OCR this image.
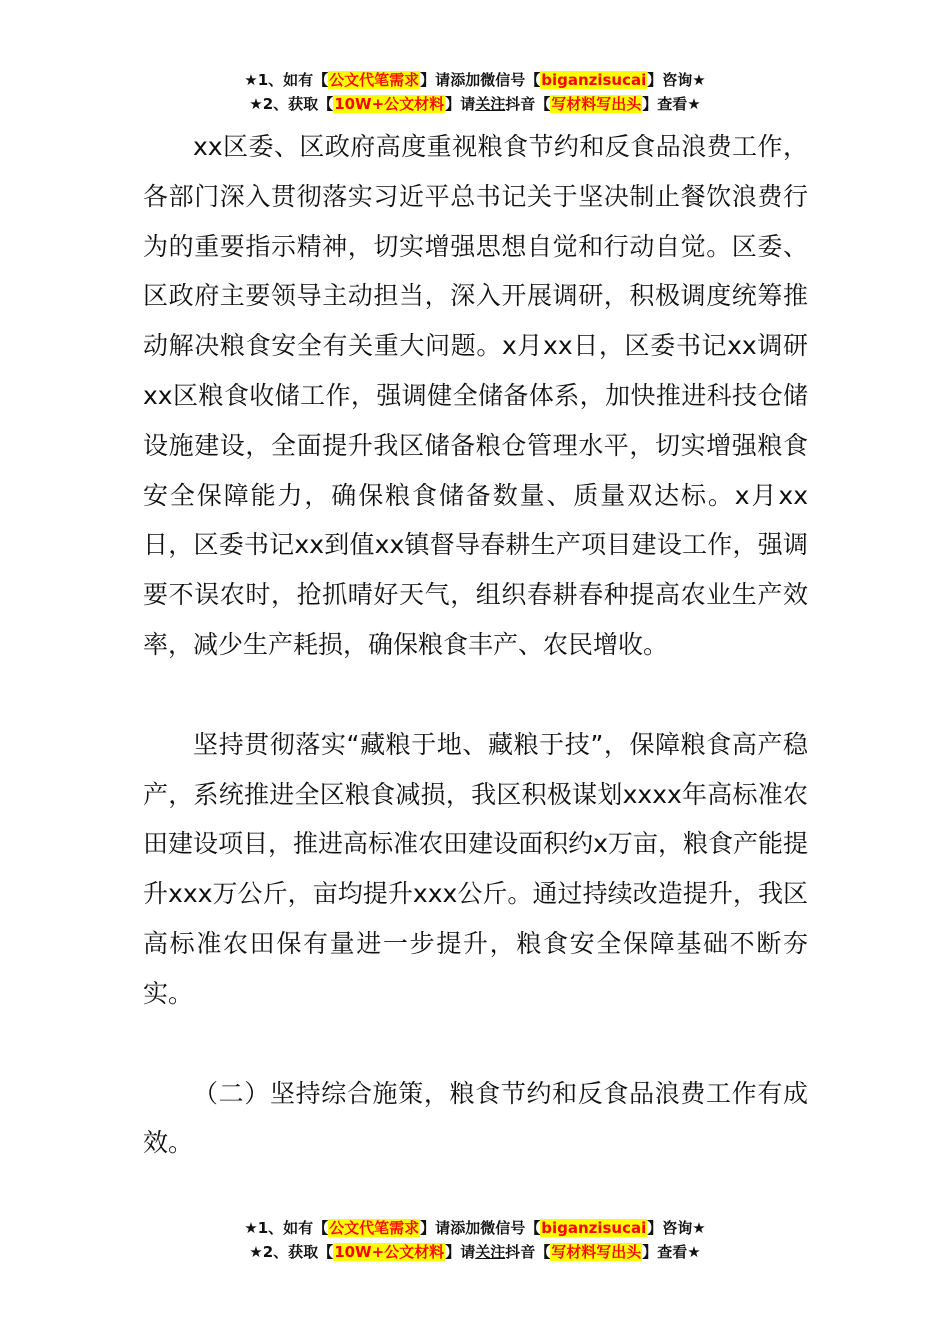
★1、如有【公文代笔需求】请添加微信号【biganzisucai】咨询★
★2、获取【10W+公文材料】请关注抖音【写材料写出头】查看★

xx区委、区政府高度重视粮食节约和反食品浪费工作，各部门深入贯彻落实习近平总书记关于坚决制止餐饮浪费行为的重要指示精神，切实增强思想自觉和行动自觉。区委、区政府主要领导主动担当，深入开展调研，积极调度统筹推动解决粮食安全有关重大问题。x月xx日，区委书记xx调研xx区粮食收储工作，强调健全储备体系，加快推进科技仓储设施建设，全面提升我区储备粮仓管理水平，切实增强粮食安全保障能力，确保粮食储备数量、质量双达标。x月xx日，区委书记xx到值xx镇督导春耕生产项目建设工作，强调要不误农时，抢抓晴好天气，组织春耕春种提高农业生产效率，减少生产耗损，确保粮食丰产、农民增收。

坚持贯彻落实“藏粮于地、藏粮于技”，保障粮食高产稳产，系统推进全区粮食减损，我区积极谋划xxxx年高标准农田建设项目，推进高标准农田建设面积约x万亩，粮食产能提升xxx万公斤，亩均提升xxx公斤。通过持续改造提升，我区高标准农田保有量进一步提升，粮食安全保障基础不断夯实。

（二）坚持综合施策，粮食节约和反食品浪费工作有成效。

★1、如有【公文代笔需求】请添加微信号【biganzisucai】咨询★
★2、获取【10W+公文材料】请关注抖音【写材料写出头】查看★
